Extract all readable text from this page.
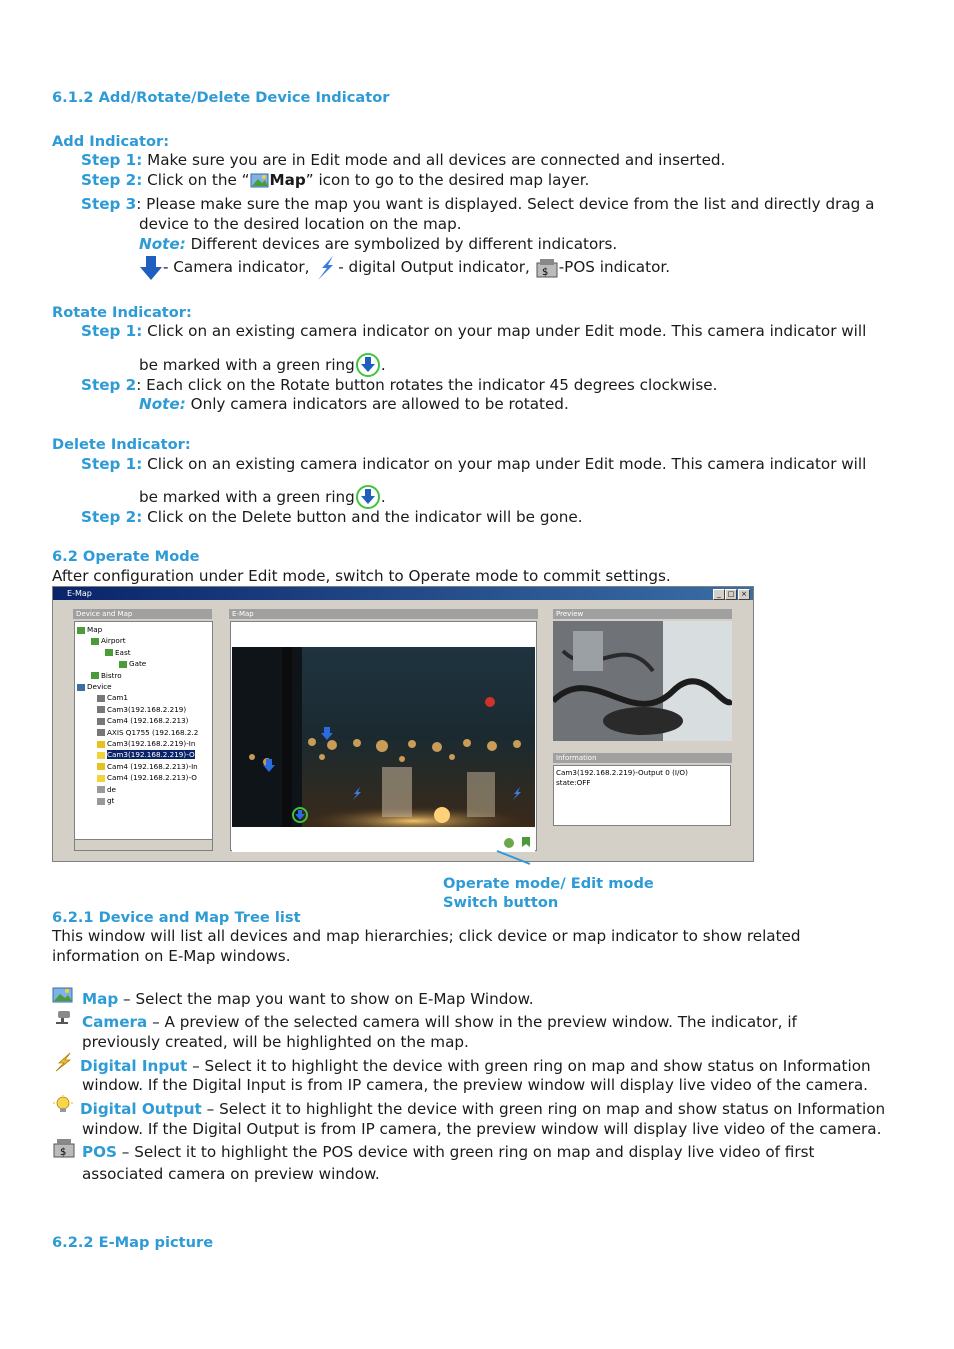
6.1.2 Add/Rotate/Delete Device Indicator
Add Indicator:
Step 1: Make sure you are in Edit mode and all devices are connected and inserted.
Step 2: Click on the “ Map” icon to go to the desired map layer.
Step 3: Please make sure the map you want is displayed. Select device from the list and directly drag a
device to the desired location on the map.
Note: Different devices are symbolized by different indicators.
- Camera indicator, - digital Output indicator, $ -POS indicator.
Rotate Indicator:
Step 1: Click on an existing camera indicator on your map under Edit mode. This camera indicator will
be marked with a green ring .
Step 2: Each click on the Rotate button rotates the indicator 45 degrees clockwise.
Note: Only camera indicators are allowed to be rotated.
Delete Indicator:
Step 1: Click on an existing camera indicator on your map under Edit mode. This camera indicator will
be marked with a green ring .
Step 2: Click on the Delete button and the indicator will be gone.
6.2 Operate Mode
After configuration under Edit mode, switch to Operate mode to commit settings.
E-Map	_ □ ×
Device and Map
Map
Airport
East
Gate
Bistro
Device
Cam1
Cam3(192.168.2.219)
Cam4 (192.168.2.213)
AXIS Q1755 (192.168.2.2
Cam3(192.168.2.219)-In
Cam3(192.168.2.219)-O
Cam4 (192.168.2.213)-In
Cam4 (192.168.2.213)-O
de
gt
E-Map	Preview
Information
Cam3(192.168.2.219)-Output 0 (I/O)
state:OFF
Operate mode/ Edit mode
Switch button
6.2.1 Device and Map Tree list
This window will list all devices and map hierarchies; click device or map indicator to show related
information on E-Map windows.
Map – Select the map you want to show on E-Map Window.
Camera – A preview of the selected camera will show in the preview window. The indicator, if
previously created, will be highlighted on the map.
Digital Input – Select it to highlight the device with green ring on map and show status on Information
window. If the Digital Input is from IP camera, the preview window will display live video of the camera.
Digital Output – Select it to highlight the device with green ring on map and show status on Information
window. If the Digital Output is from IP camera, the preview window will display live video of the camera.
$ POS – Select it to highlight the POS device with green ring on map and display live video of first
associated camera on preview window.
6.2.2 E-Map picture
